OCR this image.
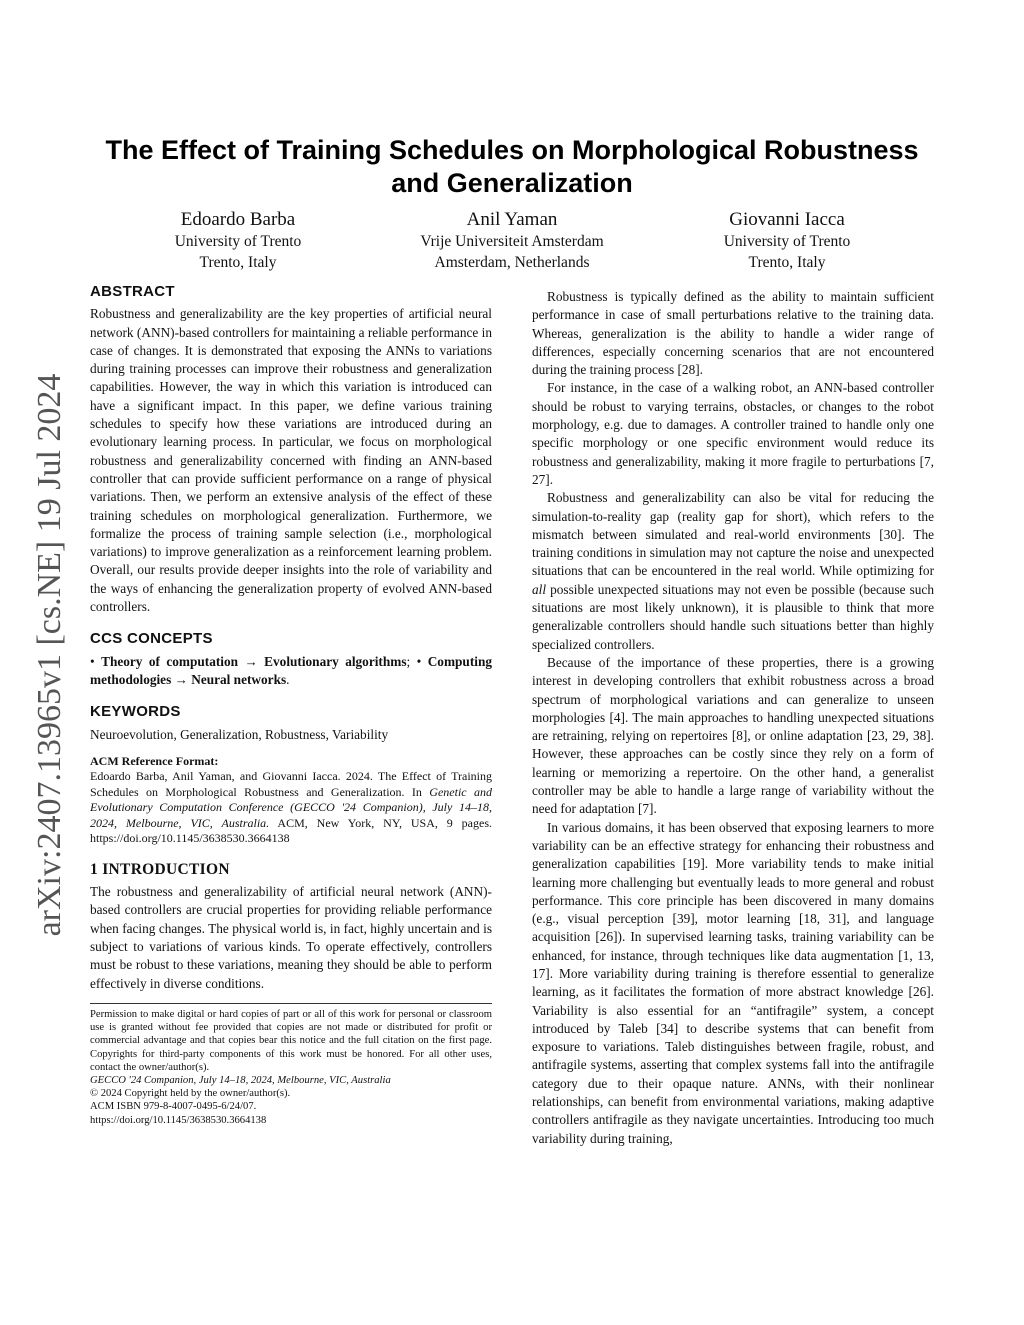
arXiv:2407.13965v1 [cs.NE] 19 Jul 2024
The Effect of Training Schedules on Morphological Robustness and Generalization
Edoardo Barba
University of Trento
Trento, Italy
Anil Yaman
Vrije Universiteit Amsterdam
Amsterdam, Netherlands
Giovanni Iacca
University of Trento
Trento, Italy
ABSTRACT

Robustness and generalizability are the key properties of artificial neural network (ANN)-based controllers for maintaining a reliable performance in case of changes. It is demonstrated that exposing the ANNs to variations during training processes can improve their robustness and generalization capabilities. However, the way in which this variation is introduced can have a significant impact. In this paper, we define various training schedules to specify how these variations are introduced during an evolutionary learning process. In particular, we focus on morphological robustness and generalizability concerned with finding an ANN-based controller that can provide sufficient performance on a range of physical variations. Then, we perform an extensive analysis of the effect of these training schedules on morphological generalization. Furthermore, we formalize the process of training sample selection (i.e., morphological variations) to improve generalization as a reinforcement learning problem. Overall, our results provide deeper insights into the role of variability and the ways of enhancing the generalization property of evolved ANN-based controllers.

CCS CONCEPTS

• Theory of computation → Evolutionary algorithms; • Computing methodologies → Neural networks.

KEYWORDS

Neuroevolution, Generalization, Robustness, Variability

ACM Reference Format:
Edoardo Barba, Anil Yaman, and Giovanni Iacca. 2024. The Effect of Training Schedules on Morphological Robustness and Generalization. In Genetic and Evolutionary Computation Conference (GECCO '24 Companion), July 14–18, 2024, Melbourne, VIC, Australia. ACM, New York, NY, USA, 9 pages. https://doi.org/10.1145/3638530.3664138
1 INTRODUCTION

The robustness and generalizability of artificial neural network (ANN)-based controllers are crucial properties for providing reliable performance when facing changes. The physical world is, in fact, highly uncertain and is subject to variations of various kinds. To operate effectively, controllers must be robust to these variations, meaning they should be able to perform effectively in diverse conditions.

Permission to make digital or hard copies of part or all of this work for personal or classroom use is granted without fee provided that copies are not made or distributed for profit or commercial advantage and that copies bear this notice and the full citation on the first page. Copyrights for third-party components of this work must be honored. For all other uses, contact the owner/author(s).

GECCO '24 Companion, July 14–18, 2024, Melbourne, VIC, Australia

© 2024 Copyright held by the owner/author(s).

ACM ISBN 979-8-4007-0495-6/24/07.

https://doi.org/10.1145/3638530.3664138

Robustness is typically defined as the ability to maintain sufficient performance in case of small perturbations relative to the training data. Whereas, generalization is the ability to handle a wider range of differences, especially concerning scenarios that are not encountered during the training process [28].

For instance, in the case of a walking robot, an ANN-based controller should be robust to varying terrains, obstacles, or changes to the robot morphology, e.g. due to damages. A controller trained to handle only one specific morphology or one specific environment would reduce its robustness and generalizability, making it more fragile to perturbations [7, 27].

Robustness and generalizability can also be vital for reducing the simulation-to-reality gap (reality gap for short), which refers to the mismatch between simulated and real-world environments [30]. The training conditions in simulation may not capture the noise and unexpected situations that can be encountered in the real world. While optimizing for all possible unexpected situations may not even be possible (because such situations are most likely unknown), it is plausible to think that more generalizable controllers should handle such situations better than highly specialized controllers.

Because of the importance of these properties, there is a growing interest in developing controllers that exhibit robustness across a broad spectrum of morphological variations and can generalize to unseen morphologies [4]. The main approaches to handling unexpected situations are retraining, relying on repertoires [8], or online adaptation [23, 29, 38]. However, these approaches can be costly since they rely on a form of learning or memorizing a repertoire. On the other hand, a generalist controller may be able to handle a large range of variability without the need for adaptation [7].

In various domains, it has been observed that exposing learners to more variability can be an effective strategy for enhancing their robustness and generalization capabilities [19]. More variability tends to make initial learning more challenging but eventually leads to more general and robust performance. This core principle has been discovered in many domains (e.g., visual perception [39], motor learning [18, 31], and language acquisition [26]). In supervised learning tasks, training variability can be enhanced, for instance, through techniques like data augmentation [1, 13, 17]. More variability during training is therefore essential to generalize learning, as it facilitates the formation of more abstract knowledge [26]. Variability is also essential for an “antifragile” system, a concept introduced by Taleb [34] to describe systems that can benefit from exposure to variations. Taleb distinguishes between fragile, robust, and antifragile systems, asserting that complex systems fall into the antifragile category due to their opaque nature. ANNs, with their nonlinear relationships, can benefit from environmental variations, making adaptive controllers antifragile as they navigate uncertainties. Introducing too much variability during training,
